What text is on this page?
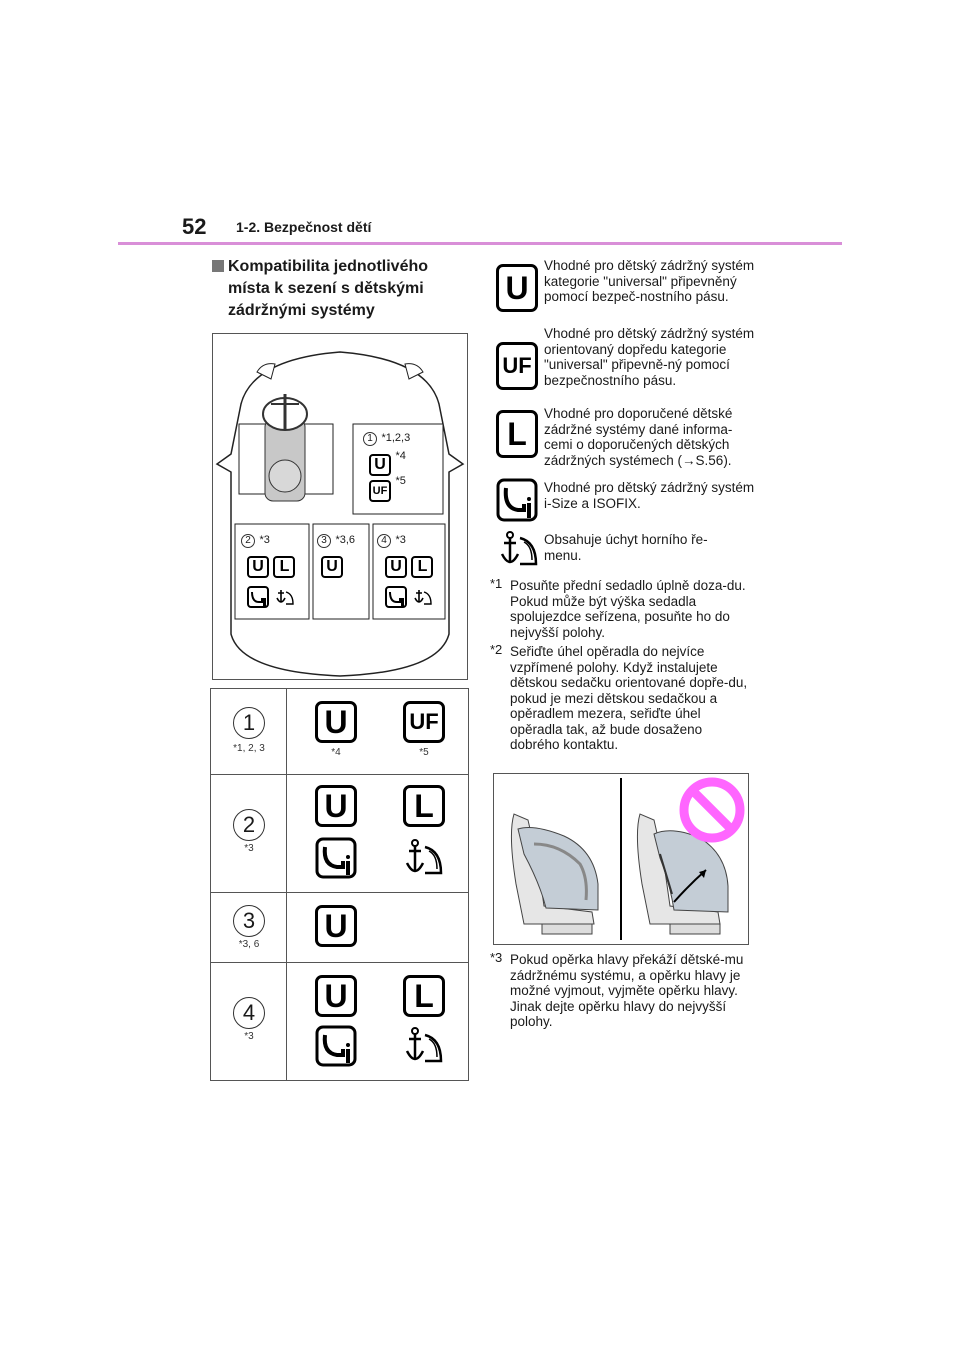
52 1-2. Bezpečnost dětí
Kompatibilita jednotlivého
místa k sezení s dětskými
zádržnými systémy
1 *1,2,3
U $^{*4}$
UF $^{*5}$
2 *3
U L

3 *3,6
U
4 *3
U L

1
*1, 2, 3
U
*4
UF
*5
2
*3
U	L
3
*3, 6
U
4
*3
U	L
U
Vhodné pro dětský zádržný systém kategorie "universal" připevněný pomocí bezpeč-nostního pásu.
UF
Vhodné pro dětský zádržný systém orientovaný dopředu kategorie "universal" připevně-ný pomocí bezpečnostního pásu.
L
Vhodné pro doporučené dětské zádržné systémy dané informa-cemi o doporučených dětských zádržných systémech (→S.56).
Vhodné pro dětský zádržný systém i-Size a ISOFIX.
Obsahuje úchyt horního ře-menu.
*1 Posuňte přední sedadlo úplně doza-du. Pokud může být výška sedadla spolujezdce seřízena, posuňte ho do nejvyšší polohy.
*2 Seřiďte úhel opěradla do nejvíce vzpřímené polohy. Když instalujete dětskou sedačku orientované dopře-du, pokud je mezi dětskou sedačkou a opěradlem mezera, seřiďte úhel opěradla tak, až bude dosaženo dobrého kontaktu.
*3 Pokud opěrka hlavy překáží dětské-mu zádržnému systému, a opěrku hlavy je možné vyjmout, vyjměte opěrku hlavy.
Jinak dejte opěrku hlavy do nejvyšší polohy.
